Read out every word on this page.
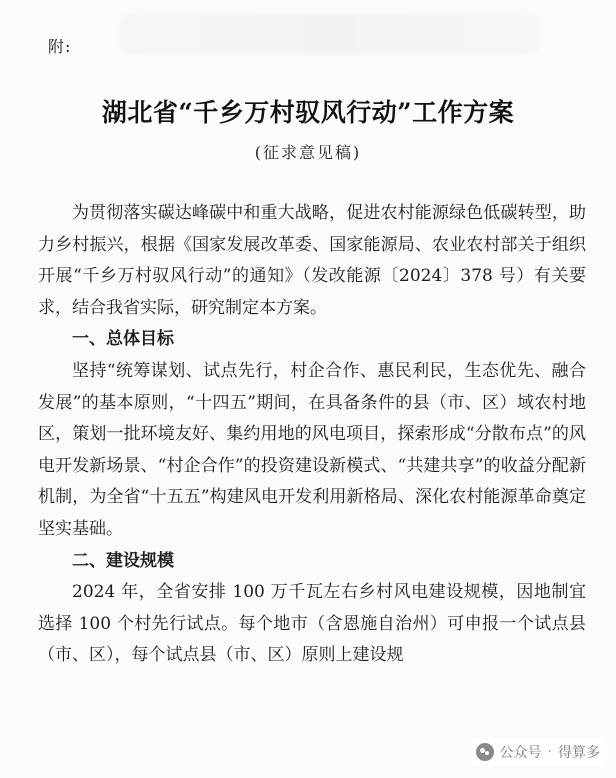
附:
湖北省“千乡万村驭风行动”工作方案
(征求意见稿)

为贯彻落实碳达峰碳中和重大战略，促进农村能源绿色低碳转型，助力乡村振兴，根据《国家发展改革委、国家能源局、农业农村部关于组织开展“千乡万村驭风行动”的通知》（发改能源〔2024〕378 号）有关要求，结合我省实际，研究制定本方案。

一、总体目标

坚持“统筹谋划、试点先行，村企合作、惠民利民，生态优先、融合发展”的基本原则，“十四五”期间，在具备条件的县（市、区）域农村地区，策划一批环境友好、集约用地的风电项目，探索形成“分散布点”的风电开发新场景、“村企合作”的投资建设新模式、“共建共享”的收益分配新机制，为全省“十五五”构建风电开发利用新格局、深化农村能源革命奠定坚实基础。

二、建设规模

2024 年，全省安排 100 万千瓦左右乡村风电建设规模，因地制宜选择 100 个村先行试点。每个地市（含恩施自治州）可申报一个试点县（市、区），每个试点县（市、区）原则上建设规

公众号 · 得算多
